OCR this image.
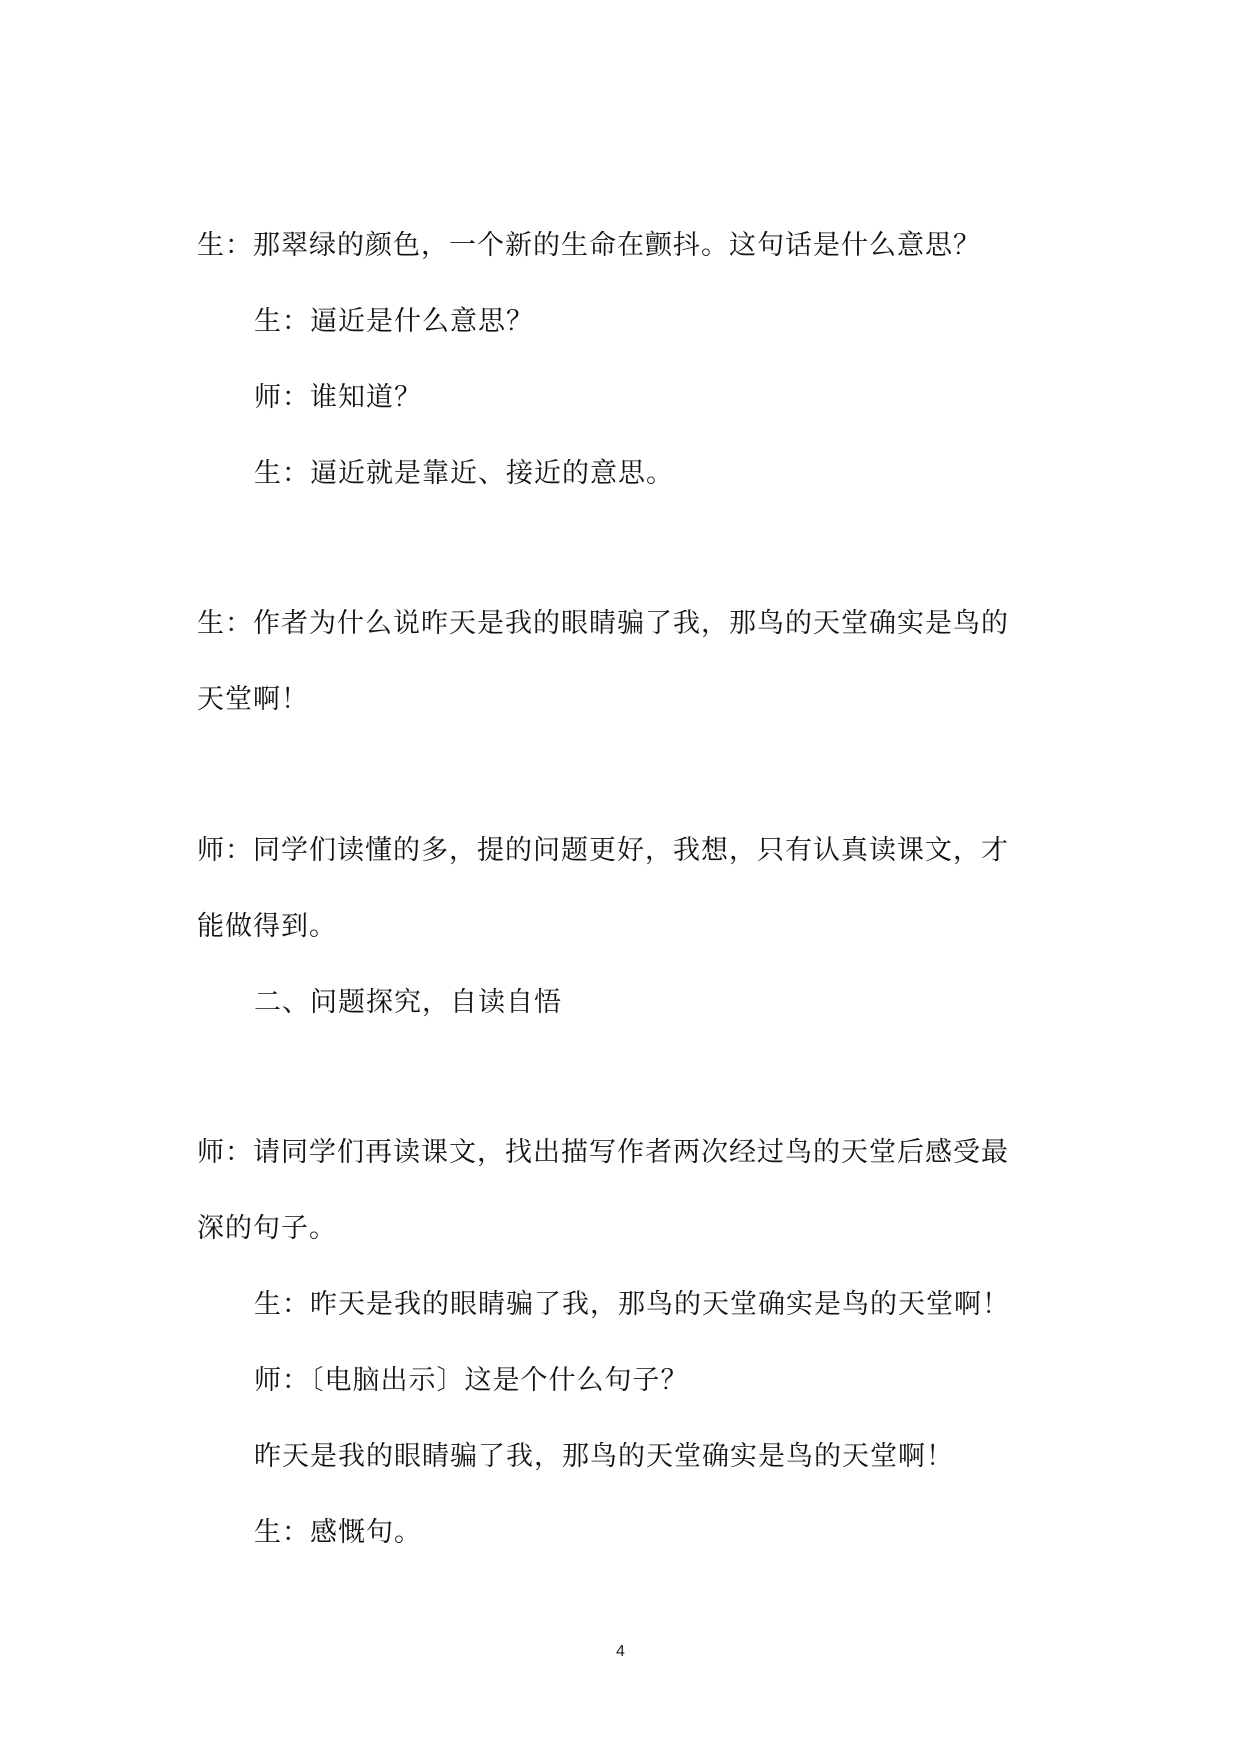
生：那翠绿的颜色，一个新的生命在颤抖。这句话是什么意思？
生：逼近是什么意思？
师：谁知道？
生：逼近就是靠近、接近的意思。
生：作者为什么说昨天是我的眼睛骗了我，那鸟的天堂确实是鸟的
天堂啊！
师：同学们读懂的多，提的问题更好，我想，只有认真读课文，才
能做得到。
二、问题探究，自读自悟
师：请同学们再读课文，找出描写作者两次经过鸟的天堂后感受最
深的句子。
生：昨天是我的眼睛骗了我，那鸟的天堂确实是鸟的天堂啊！
师：〔电脑出示〕这是个什么句子？
昨天是我的眼睛骗了我，那鸟的天堂确实是鸟的天堂啊！
生：感慨句。
4
